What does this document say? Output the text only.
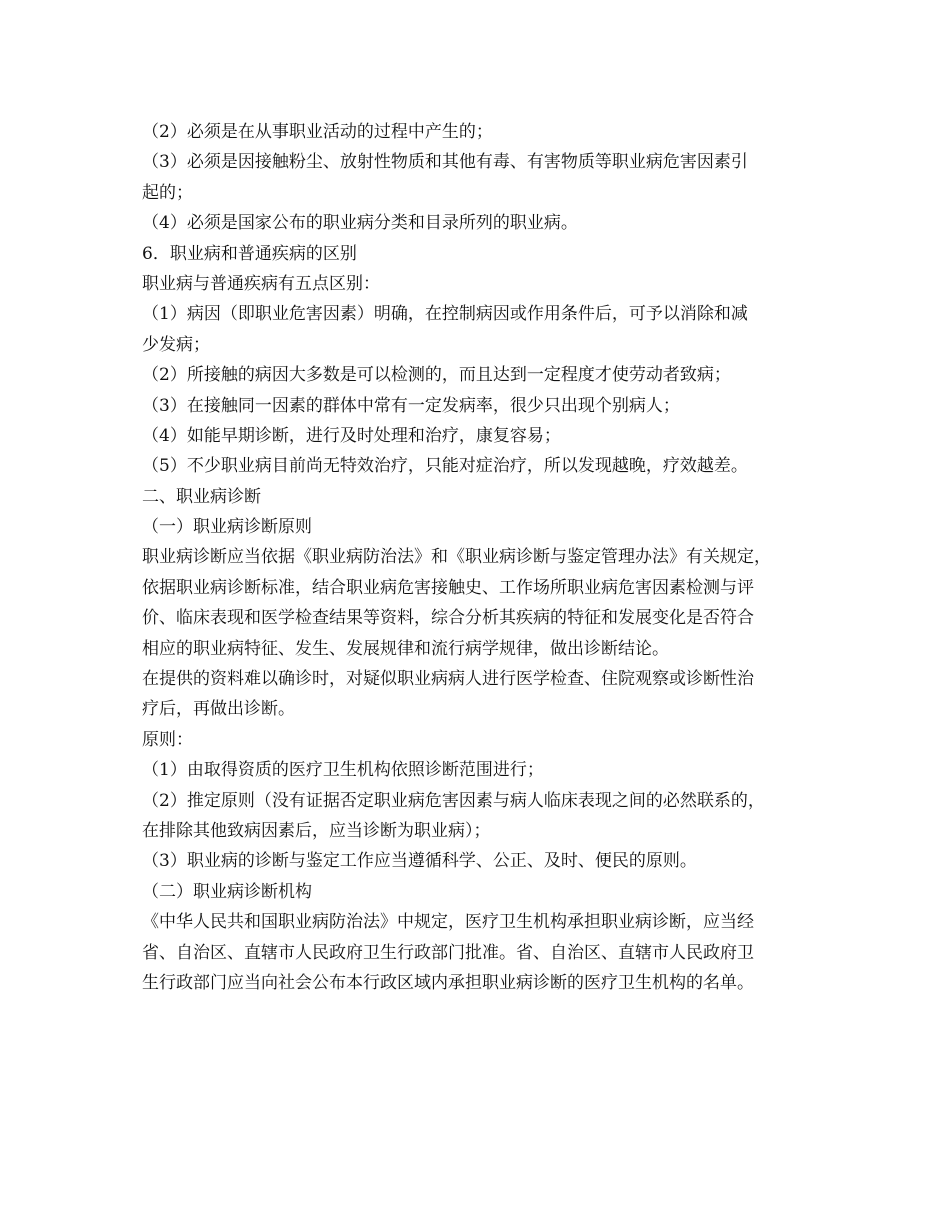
（2）必须是在从事职业活动的过程中产生的；
（3）必须是因接触粉尘、放射性物质和其他有毒、有害物质等职业病危害因素引
起的；
（4）必须是国家公布的职业病分类和目录所列的职业病。
6．职业病和普通疾病的区别
职业病与普通疾病有五点区别：
（1）病因（即职业危害因素）明确，在控制病因或作用条件后，可予以消除和减
少发病；
（2）所接触的病因大多数是可以检测的，而且达到一定程度才使劳动者致病；
（3）在接触同一因素的群体中常有一定发病率，很少只出现个别病人；
（4）如能早期诊断，进行及时处理和治疗，康复容易；
（5）不少职业病目前尚无特效治疗，只能对症治疗，所以发现越晚，疗效越差。
二、职业病诊断
（一）职业病诊断原则
职业病诊断应当依据《职业病防治法》和《职业病诊断与鉴定管理办法》有关规定，
依据职业病诊断标准，结合职业病危害接触史、工作场所职业病危害因素检测与评
价、临床表现和医学检查结果等资料，综合分析其疾病的特征和发展变化是否符合
相应的职业病特征、发生、发展规律和流行病学规律，做出诊断结论。
在提供的资料难以确诊时，对疑似职业病病人进行医学检查、住院观察或诊断性治
疗后，再做出诊断。
原则：
（1）由取得资质的医疗卫生机构依照诊断范围进行；
（2）推定原则（没有证据否定职业病危害因素与病人临床表现之间的必然联系的，
在排除其他致病因素后，应当诊断为职业病）；
（3）职业病的诊断与鉴定工作应当遵循科学、公正、及时、便民的原则。
（二）职业病诊断机构
《中华人民共和国职业病防治法》中规定，医疗卫生机构承担职业病诊断，应当经
省、自治区、直辖市人民政府卫生行政部门批准。省、自治区、直辖市人民政府卫
生行政部门应当向社会公布本行政区域内承担职业病诊断的医疗卫生机构的名单。
